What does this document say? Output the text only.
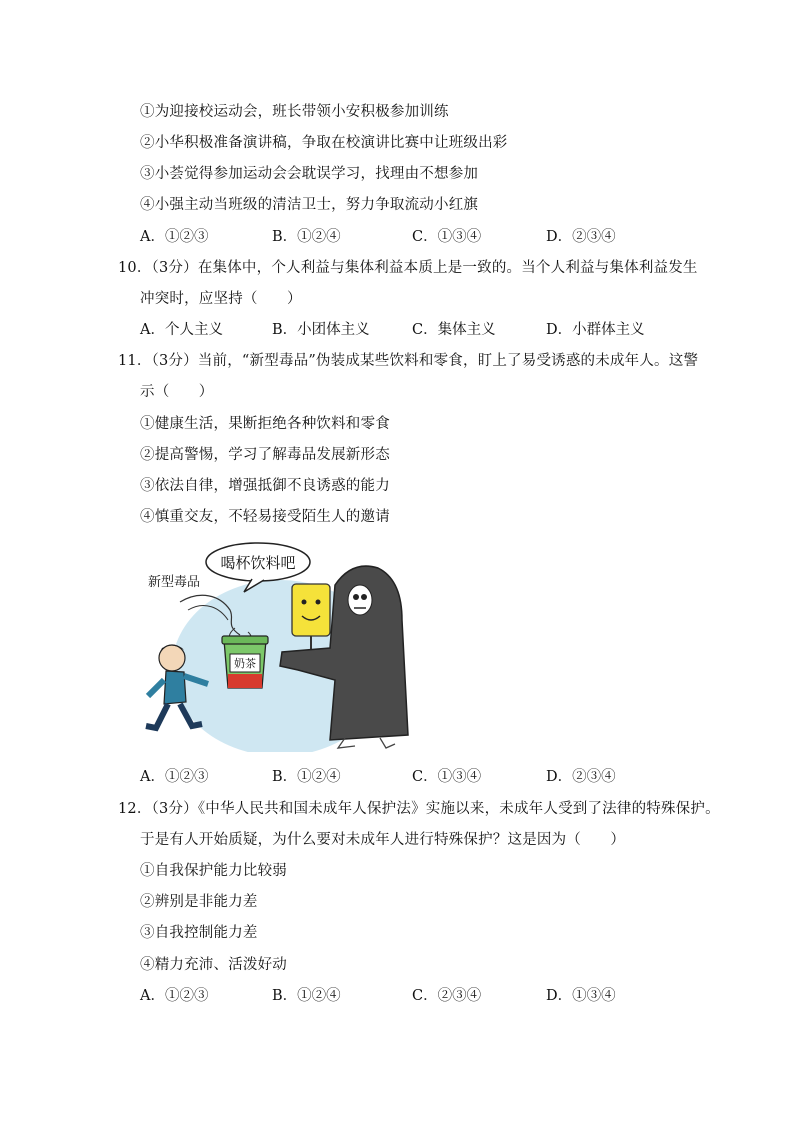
①为迎接校运动会，班长带领小安积极参加训练
②小华积极准备演讲稿，争取在校演讲比赛中让班级出彩
③小荟觉得参加运动会会耽误学习，找理由不想参加
④小强主动当班级的清洁卫士，努力争取流动小红旗
A．①②③	B．①②④	C．①③④	D．②③④
10．（3分）在集体中，个人利益与集体利益本质上是一致的。当个人利益与集体利益发生
冲突时，应坚持（　　）
A．个人主义	B．小团体主义	C．集体主义	D．小群体主义
11．（3分）当前，“新型毒品”伪装成某些饮料和零食，盯上了易受诱惑的未成年人。这警
示（　　）
①健康生活，果断拒绝各种饮料和零食
②提高警惕，学习了解毒品发展新形态
③依法自律，增强抵御不良诱惑的能力
④慎重交友，不轻易接受陌生人的邀请
喝杯饮料吧
新型毒品
奶茶
A．①②③	B．①②④	C．①③④	D．②③④
12．（3分）《中华人民共和国未成年人保护法》实施以来，未成年人受到了法律的特殊保护。
于是有人开始质疑，为什么要对未成年人进行特殊保护？这是因为（　　）
①自我保护能力比较弱
②辨别是非能力差
③自我控制能力差
④精力充沛、活泼好动
A．①②③	B．①②④	C．②③④	D．①③④
